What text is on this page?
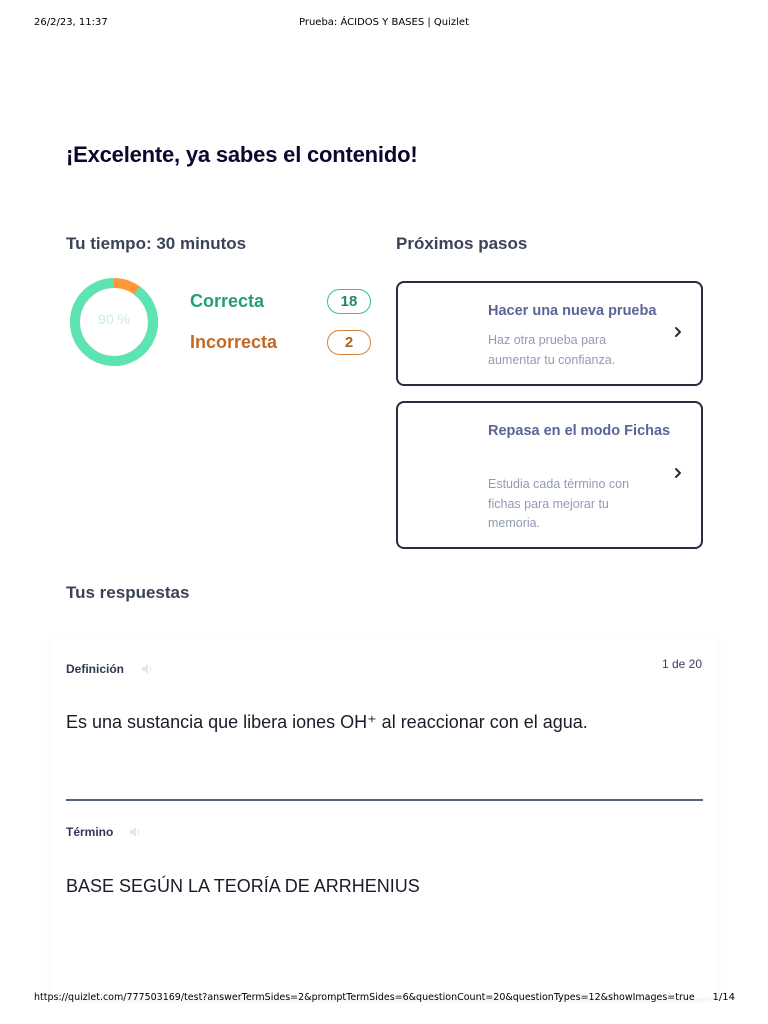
26/2/23, 11:37	Prueba: ÁCIDOS Y BASES | Quizlet
¡Excelente, ya sabes el contenido!
Tu tiempo: 30 minutos
90 %
Correcta	18
Incorrecta	2
Próximos pasos
Hacer una nueva prueba
Haz otra prueba para aumentar tu confianza.
Repasa en el modo Fichas
Estudia cada término con fichas para mejorar tu memoria.
Tus respuestas
Definición	1 de 20
Es una sustancia que libera iones OH⁺ al reaccionar con el agua.
Término
BASE SEGÚN LA TEORÍA DE ARRHENIUS
https://quizlet.com/777503169/test?answerTermSides=2&promptTermSides=6&questionCount=20&questionTypes=12&showImages=true 1/14
